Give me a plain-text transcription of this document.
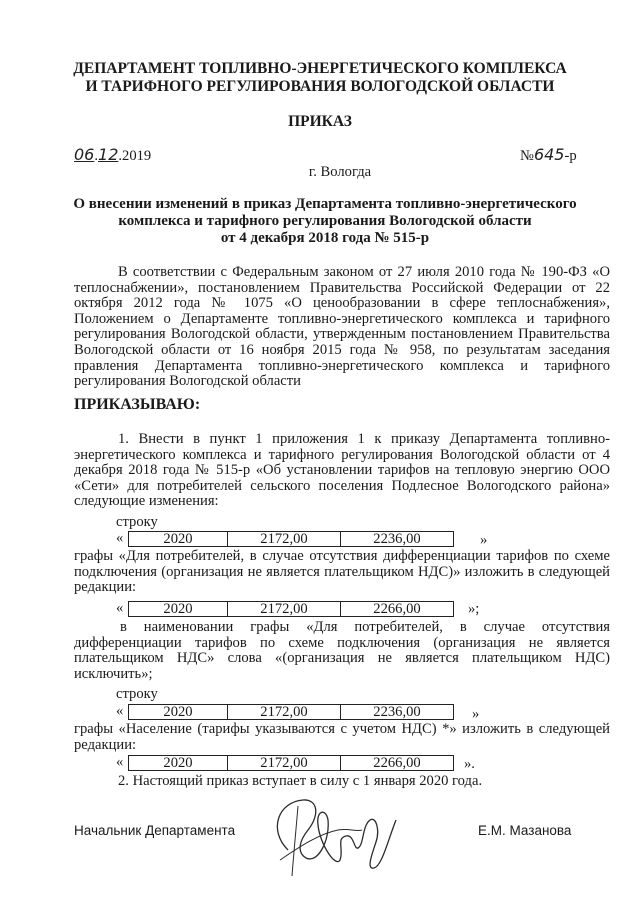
ДЕПАРТАМЕНТ ТОПЛИВНО-ЭНЕРГЕТИЧЕСКОГО КОМПЛЕКСА
И ТАРИФНОГО РЕГУЛИРОВАНИЯ ВОЛОГОДСКОЙ ОБЛАСТИ
ПРИКАЗ
06.12.2019	№645-р
г. Вологда
О внесении изменений в приказ Департамента топливно-энергетического
комплекса и тарифного регулирования Вологодской области
от 4 декабря 2018 года № 515-р
В соответствии с Федеральным законом от 27 июля 2010 года № 190-ФЗ «О теплоснабжении», постановлением Правительства Российской Федерации от 22 октября 2012 года № 1075 «О ценообразовании в сфере теплоснабжения», Положением о Департаменте топливно-энергетического комплекса и тарифного регулирования Вологодской области, утвержденным постановлением Правительства Вологодской области от 16 ноября 2015 года № 958, по результатам заседания правления Департамента топливно-энергетического комплекса и тарифного регулирования Вологодской области
ПРИКАЗЫВАЮ:
1. Внести в пункт 1 приложения 1 к приказу Департамента топливно-энергетического комплекса и тарифного регулирования Вологодской области от 4 декабря 2018 года № 515-р «Об установлении тарифов на тепловую энергию ООО «Сети» для потребителей сельского поселения Подлесное Вологодского района» следующие изменения:
строку
«	2020	2172,00	2236,00	»
графы «Для потребителей, в случае отсутствия дифференциации тарифов по схеме подключения (организация не является плательщиком НДС)» изложить в следующей редакции:
«	2020	2172,00	2266,00	»;
в наименовании графы «Для потребителей, в случае отсутствия дифференциации тарифов по схеме подключения (организация не является плательщиком НДС» слова «(организация не является плательщиком НДС) исключить»;
строку
«	2020	2172,00	2236,00	»
графы «Население (тарифы указываются с учетом НДС) *» изложить в следующей редакции:
«	2020	2172,00	2266,00	».
2. Настоящий приказ вступает в силу с 1 января 2020 года.
Начальник Департамента	Е.М. Мазанова
